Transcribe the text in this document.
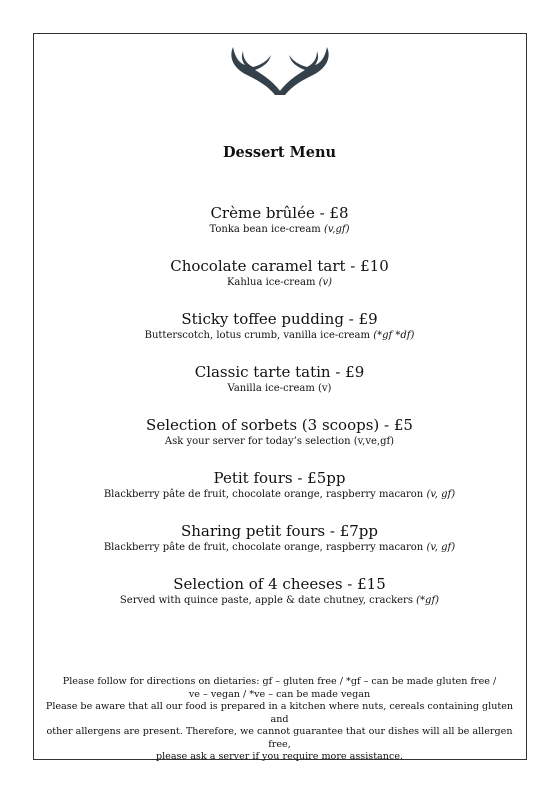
Dessert Menu
Crème brûlée - £8
Tonka bean ice-cream (v,gf)
Chocolate caramel tart - £10
Kahlua ice-cream (v)
Sticky toffee pudding - £9
Butterscotch, lotus crumb, vanilla ice-cream (*gf *df)
Classic tarte tatin - £9
Vanilla ice-cream (v)
Selection of sorbets (3 scoops) - £5
Ask your server for today’s selection (v,ve,gf)
Petit fours - £5pp
Blackberry pâte de fruit, chocolate orange, raspberry macaron (v, gf)
Sharing petit fours - £7pp
Blackberry pâte de fruit, chocolate orange, raspberry macaron (v, gf)
Selection of 4 cheeses - £15
Served with quince paste, apple & date chutney, crackers (*gf)
Please follow for directions on dietaries: gf – gluten free / *gf – can be made gluten free /
ve – vegan / *ve – can be made vegan
Please be aware that all our food is prepared in a kitchen where nuts, cereals containing gluten and
other allergens are present. Therefore, we cannot guarantee that our dishes will all be allergen free,
please ask a server if you require more assistance.
